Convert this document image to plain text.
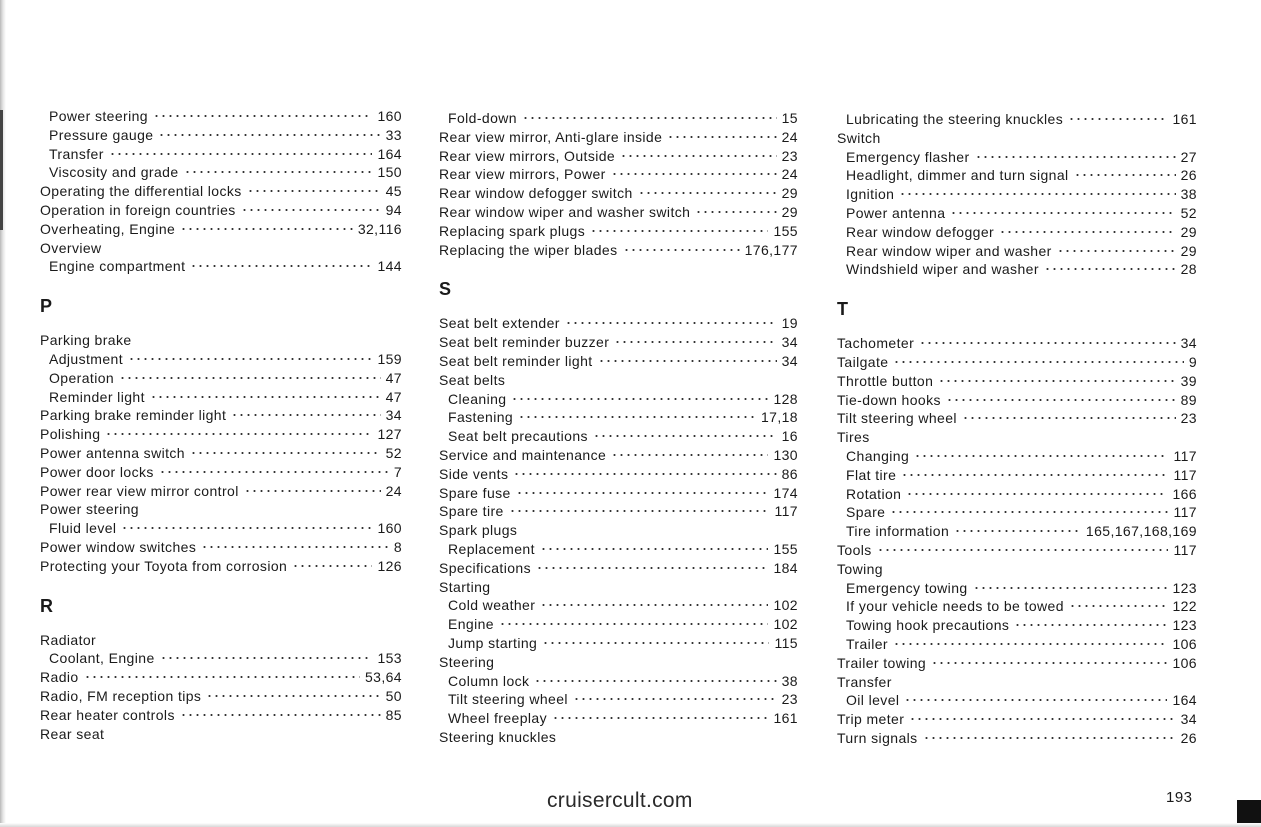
Power steering	160
Pressure gauge	33
Transfer	164
Viscosity and grade	150
Operating the differential locks	45
Operation in foreign countries	94
Overheating, Engine	32,116
Overview
Engine compartment	144
P
Parking brake
Adjustment	159
Operation	47
Reminder light	47
Parking brake reminder light	34
Polishing	127
Power antenna switch	52
Power door locks	7
Power rear view mirror control	24
Power steering
Fluid level	160
Power window switches	8
Protecting your Toyota from corrosion	126
R
Radiator
Coolant, Engine	153
Radio	53,64
Radio, FM reception tips	50
Rear heater controls	85
Rear seat
Fold-down	15
Rear view mirror, Anti-glare inside	24
Rear view mirrors, Outside	23
Rear view mirrors, Power	24
Rear window defogger switch	29
Rear window wiper and washer switch	29
Replacing spark plugs	155
Replacing the wiper blades	176,177
S
Seat belt extender	19
Seat belt reminder buzzer	34
Seat belt reminder light	34
Seat belts
Cleaning	128
Fastening	17,18
Seat belt precautions	16
Service and maintenance	130
Side vents	86
Spare fuse	174
Spare tire	117
Spark plugs
Replacement	155
Specifications	184
Starting
Cold weather	102
Engine	102
Jump starting	115
Steering
Column lock	38
Tilt steering wheel	23
Wheel freeplay	161
Steering knuckles
Lubricating the steering knuckles	161
Switch
Emergency flasher	27
Headlight, dimmer and turn signal	26
Ignition	38
Power antenna	52
Rear window defogger	29
Rear window wiper and washer	29
Windshield wiper and washer	28
T
Tachometer	34
Tailgate	9
Throttle button	39
Tie-down hooks	89
Tilt steering wheel	23
Tires
Changing	117
Flat tire	117
Rotation	166
Spare	117
Tire information	165,167,168,169
Tools	117
Towing
Emergency towing	123
If your vehicle needs to be towed	122
Towing hook precautions	123
Trailer	106
Trailer towing	106
Transfer
Oil level	164
Trip meter	34
Turn signals	26
cruisercult.com	193
